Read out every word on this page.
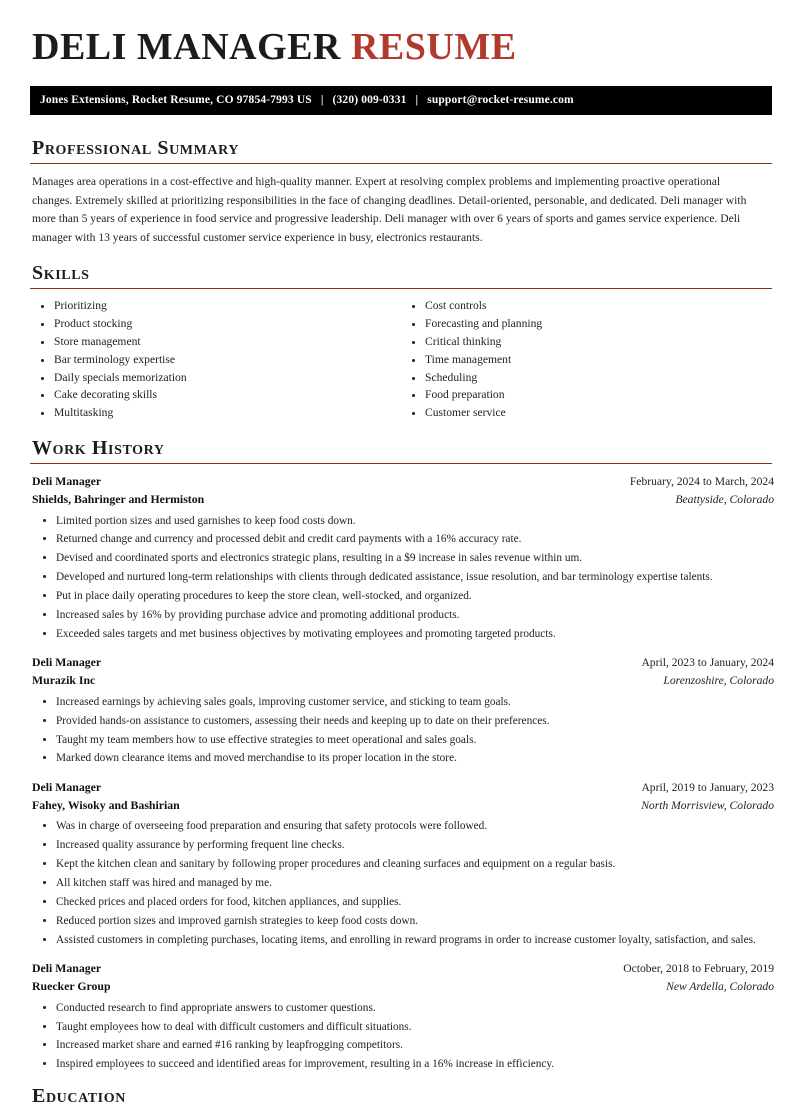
DELI MANAGER RESUME
Jones Extensions, Rocket Resume, CO 97854-7993 US | (320) 009-0331 | support@rocket-resume.com
Professional Summary

Manages area operations in a cost-effective and high-quality manner. Expert at resolving complex problems and implementing proactive operational changes. Extremely skilled at prioritizing responsibilities in the face of changing deadlines. Detail-oriented, personable, and dedicated. Deli manager with more than 5 years of experience in food service and progressive leadership. Deli manager with over 6 years of sports and games service experience. Deli manager with 13 years of successful customer service experience in busy, electronics restaurants.

Skills
• Prioritizing
• Product stocking
• Store management
• Bar terminology expertise
• Daily specials memorization
• Cake decorating skills
• Multitasking
• Cost controls
• Forecasting and planning
• Critical thinking
• Time management
• Scheduling
• Food preparation
• Customer service
Work History
Deli Manager	February, 2024 to March, 2024
Shields, Bahringer and Hermiston	Beattyside, Colorado
• Limited portion sizes and used garnishes to keep food costs down.
• Returned change and currency and processed debit and credit card payments with a 16% accuracy rate.
• Devised and coordinated sports and electronics strategic plans, resulting in a $9 increase in sales revenue within um.
• Developed and nurtured long-term relationships with clients through dedicated assistance, issue resolution, and bar terminology expertise talents.
• Put in place daily operating procedures to keep the store clean, well-stocked, and organized.
• Increased sales by 16% by providing purchase advice and promoting additional products.
• Exceeded sales targets and met business objectives by motivating employees and promoting targeted products.
Deli Manager	April, 2023 to January, 2024
Murazik Inc	Lorenzoshire, Colorado
• Increased earnings by achieving sales goals, improving customer service, and sticking to team goals.
• Provided hands-on assistance to customers, assessing their needs and keeping up to date on their preferences.
• Taught my team members how to use effective strategies to meet operational and sales goals.
• Marked down clearance items and moved merchandise to its proper location in the store.
Deli Manager	April, 2019 to January, 2023
Fahey, Wisoky and Bashirian	North Morrisview, Colorado
• Was in charge of overseeing food preparation and ensuring that safety protocols were followed.
• Increased quality assurance by performing frequent line checks.
• Kept the kitchen clean and sanitary by following proper procedures and cleaning surfaces and equipment on a regular basis.
• All kitchen staff was hired and managed by me.
• Checked prices and placed orders for food, kitchen appliances, and supplies.
• Reduced portion sizes and improved garnish strategies to keep food costs down.
• Assisted customers in completing purchases, locating items, and enrolling in reward programs in order to increase customer loyalty, satisfaction, and sales.
Deli Manager	October, 2018 to February, 2019
Ruecker Group	New Ardella, Colorado
• Conducted research to find appropriate answers to customer questions.
• Taught employees how to deal with difficult customers and difficult situations.
• Increased market share and earned #16 ranking by leapfrogging competitors.
• Inspired employees to succeed and identified areas for improvement, resulting in a 16% increase in efficiency.
Education
